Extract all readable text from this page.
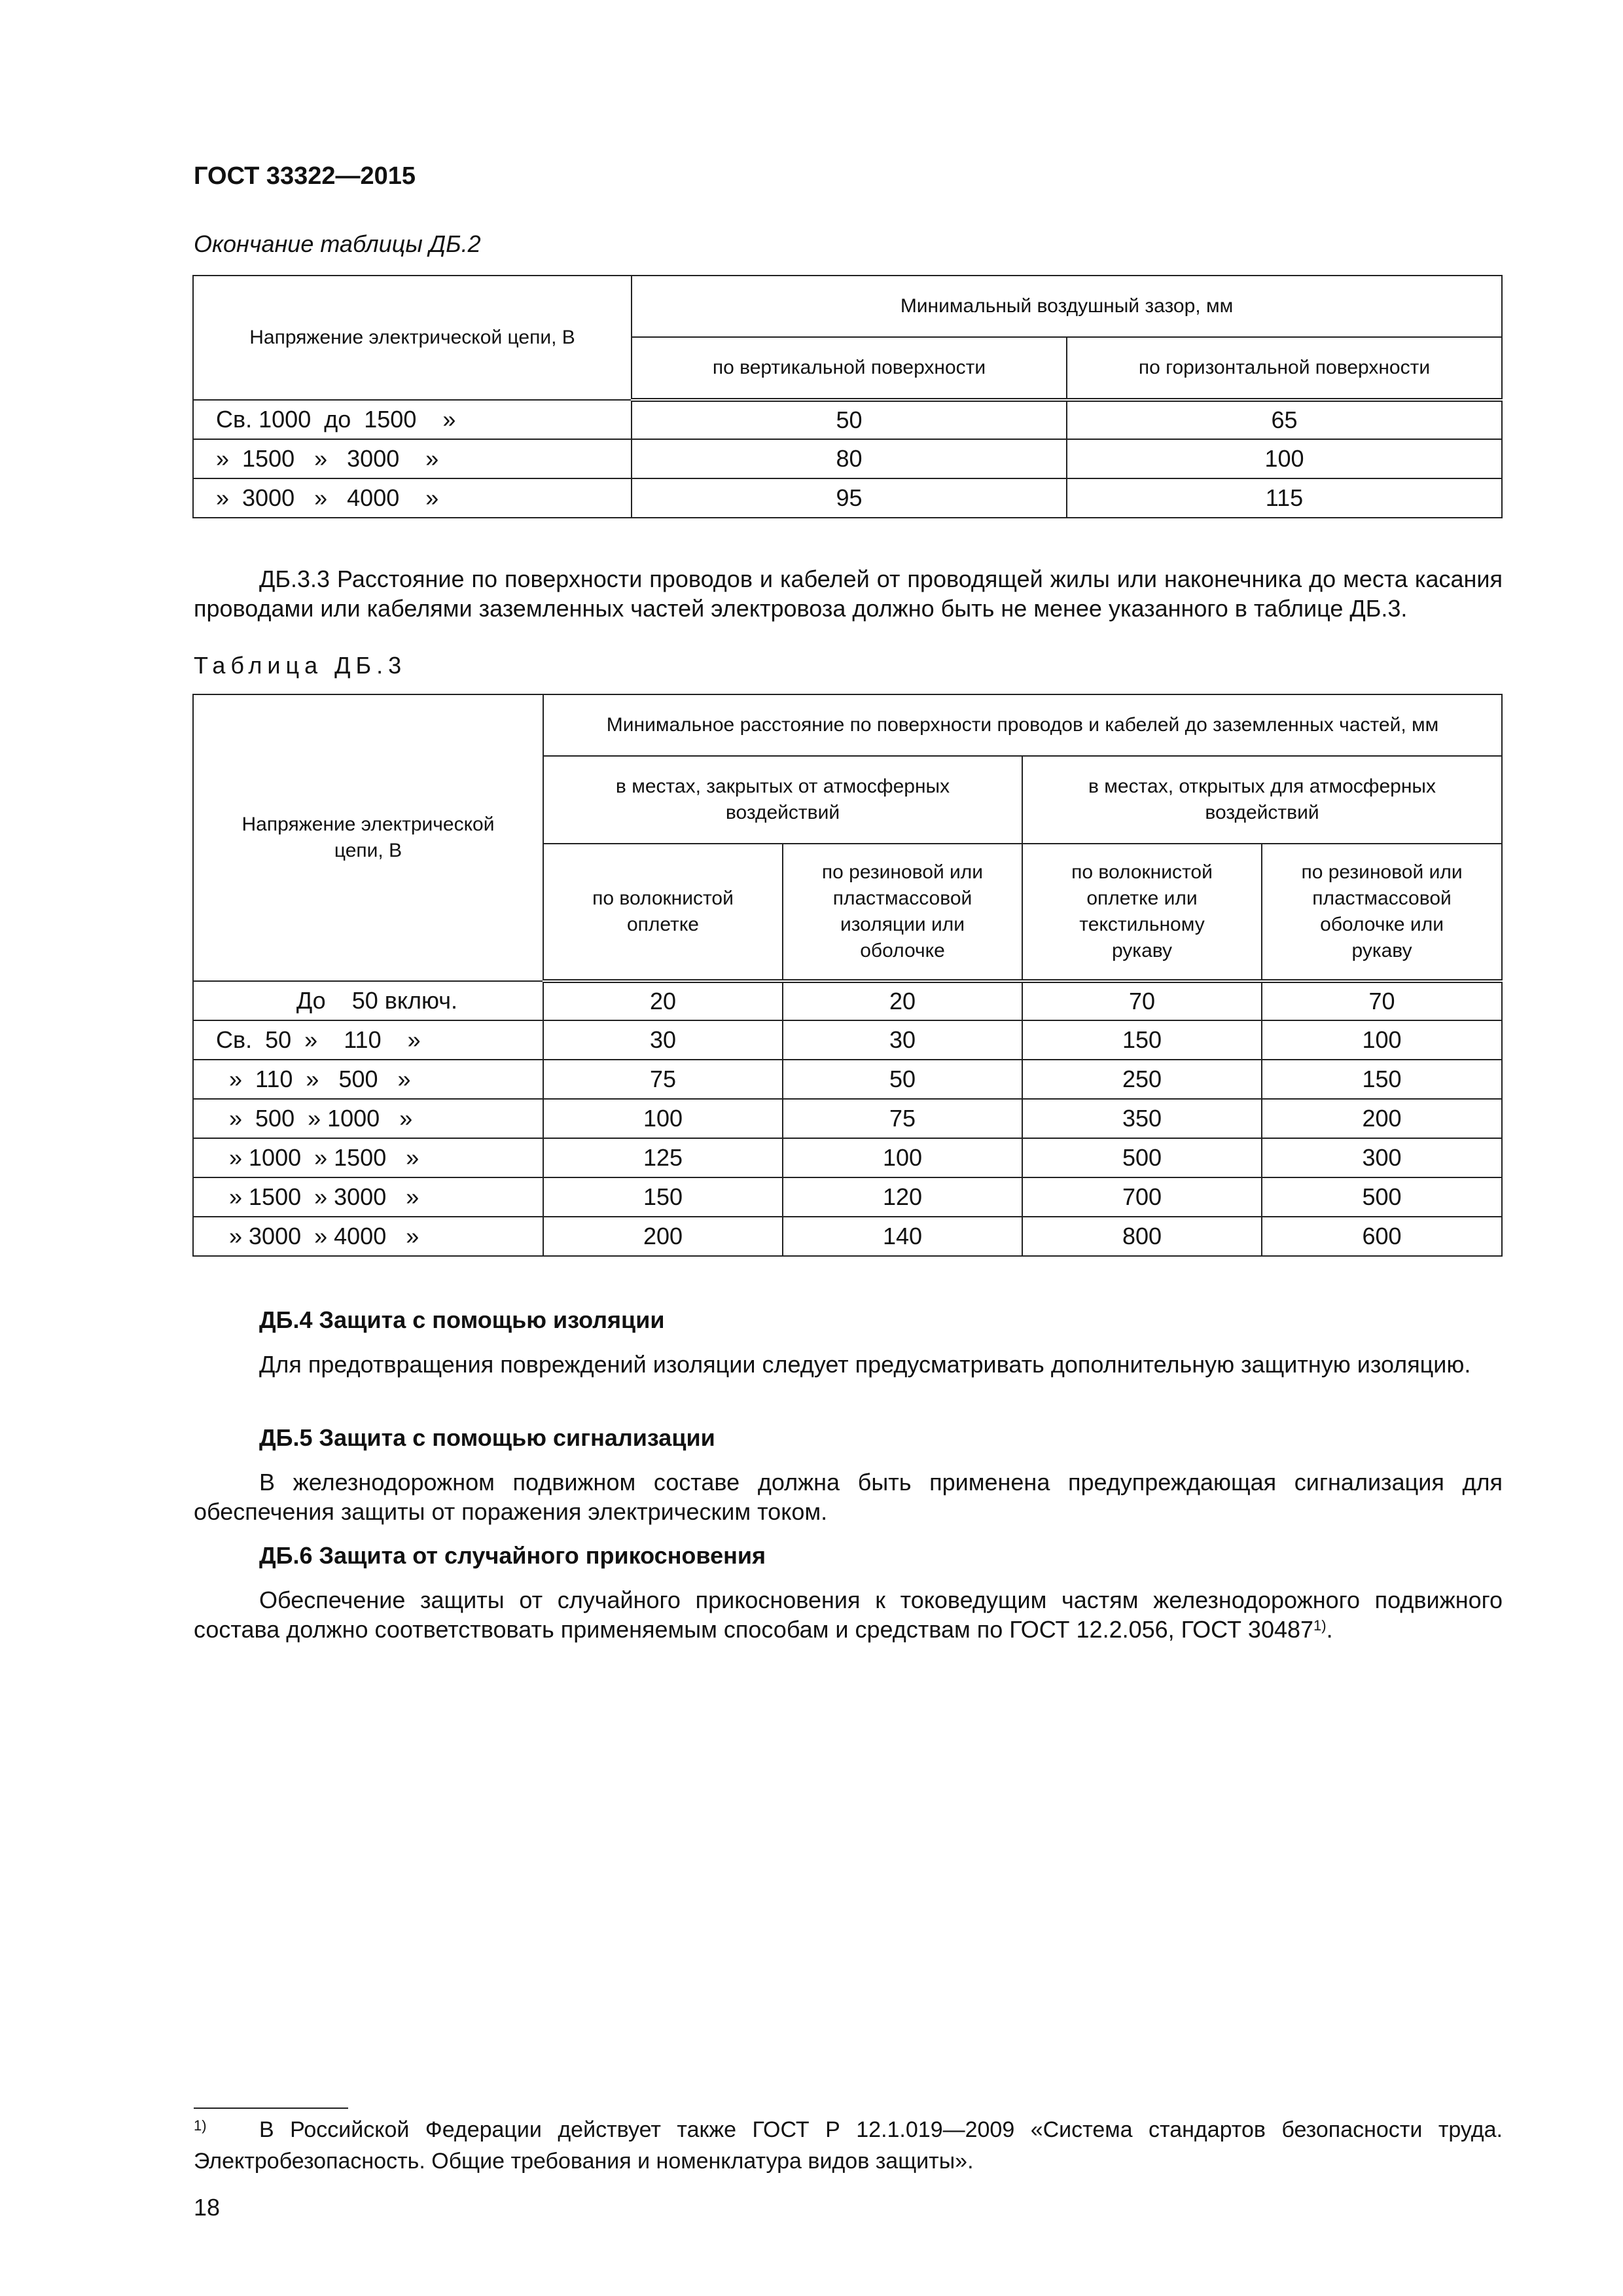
ГОСТ 33322—2015
Окончание таблицы ДБ.2
Напряжение электрической цепи, В	Минимальный воздушный зазор, мм	
	по вертикальной поверхности	по горизонтальной поверхности
Св. 1000  до  1500    »	50	65
»  1500   »   3000    »	80	100
»  3000   »   4000    »	95	115
ДБ.3.3 Расстояние по поверхности проводов и кабелей от проводящей жилы или наконечника до места касания проводами или кабелями заземленных частей электровоза должно быть не менее указанного в таблице ДБ.3.
Таблица ДБ.3
Напряжение электрической цепи, В	Минимальное расстояние по поверхности проводов и кабелей до заземленных частей, мм			
	в местах, закрытых от атмосферных воздействий		в местах, открытых для атмосферных воздействий	
	по волокнистой оплетке	по резиновой или пластмассовой изоляции или оболочке	по волокнистой оплетке или текстильному рукаву	по резиновой или пластмассовой оболочке или рукаву
До    50 включ.	20	20	70	70
Св.  50  »    110    »	30	30	150	100
»  110  »   500   »	75	50	250	150
»  500  » 1000   »	100	75	350	200
» 1000  » 1500   »	125	100	500	300
» 1500  » 3000   »	150	120	700	500
» 3000  » 4000   »	200	140	800	600
ДБ.4 Защита с помощью изоляции
Для предотвращения повреждений изоляции следует предусматривать дополнительную защитную изоляцию.
ДБ.5 Защита с помощью сигнализации
В железнодорожном подвижном составе должна быть применена предупреждающая сигнализация для обеспечения защиты от поражения электрическим током.
ДБ.6 Защита от случайного прикосновения
Обеспечение защиты от случайного прикосновения к токоведущим частям железнодорожного подвижного состава должно соответствовать применяемым способам и средствам по ГОСТ 12.2.056, ГОСТ 30487$^{1)}$.
$^{1)}$ В Российской Федерации действует также ГОСТ Р 12.1.019—2009 «Система стандартов безопасности труда. Электробезопасность. Общие требования и номенклатура видов защиты».
18
